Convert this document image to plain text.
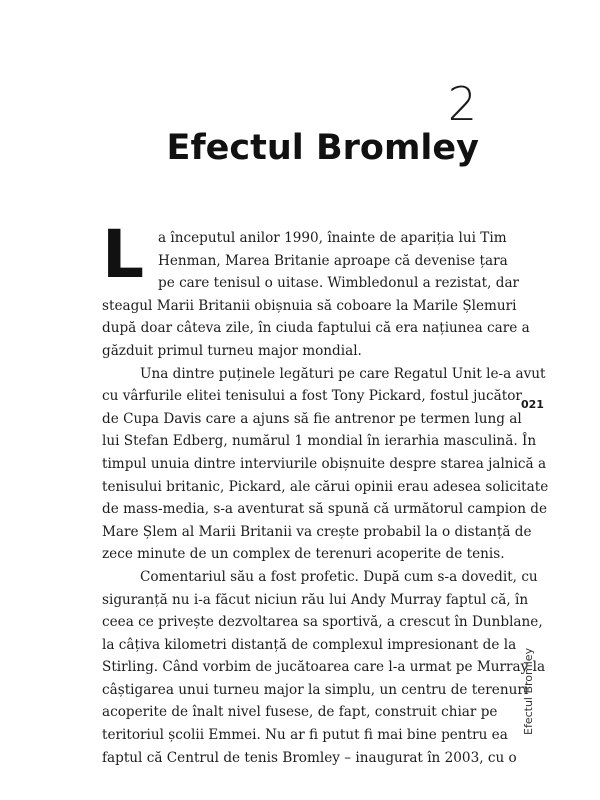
2
Efectul Bromley
L	a începutul anilor 1990, înainte de apariția lui Tim
Henman, Marea Britanie aproape că devenise țara
pe care tenisul o uitase. Wimbledonul a rezistat, dar
steagul Marii Britanii obișnuia să coboare la Marile Șlemuri
după doar câteva zile, în ciuda faptului că era națiunea care a
găzduit primul turneu major mondial.

Una dintre puținele legături pe care Regatul Unit le-a avut
cu vârfurile elitei tenisului a fost Tony Pickard, fostul jucător
de Cupa Davis care a ajuns să fie antrenor pe termen lung al
lui Stefan Edberg, numărul 1 mondial în ierarhia masculină. În
timpul unuia dintre interviurile obișnuite despre starea jalnică a
tenisului britanic, Pickard, ale cărui opinii erau adesea solicitate
de mass-media, s-a aventurat să spună că următorul campion de
Mare Șlem al Marii Britanii va crește probabil la o distanță de
zece minute de un complex de terenuri acoperite de tenis.

Comentariul său a fost profetic. După cum s-a dovedit, cu
siguranță nu i-a făcut niciun rău lui Andy Murray faptul că, în
ceea ce privește dezvoltarea sa sportivă, a crescut în Dunblane,
la câțiva kilometri distanță de complexul impresionant de la
Stirling. Când vorbim de jucătoarea care l-a urmat pe Murray la
câștigarea unui turneu major la simplu, un centru de terenuri
acoperite de înalt nivel fusese, de fapt, construit chiar pe
teritoriul școlii Emmei. Nu ar fi putut fi mai bine pentru ea
faptul că Centrul de tenis Bromley – inaugurat în 2003, cu o

021
Efectul Bromley
